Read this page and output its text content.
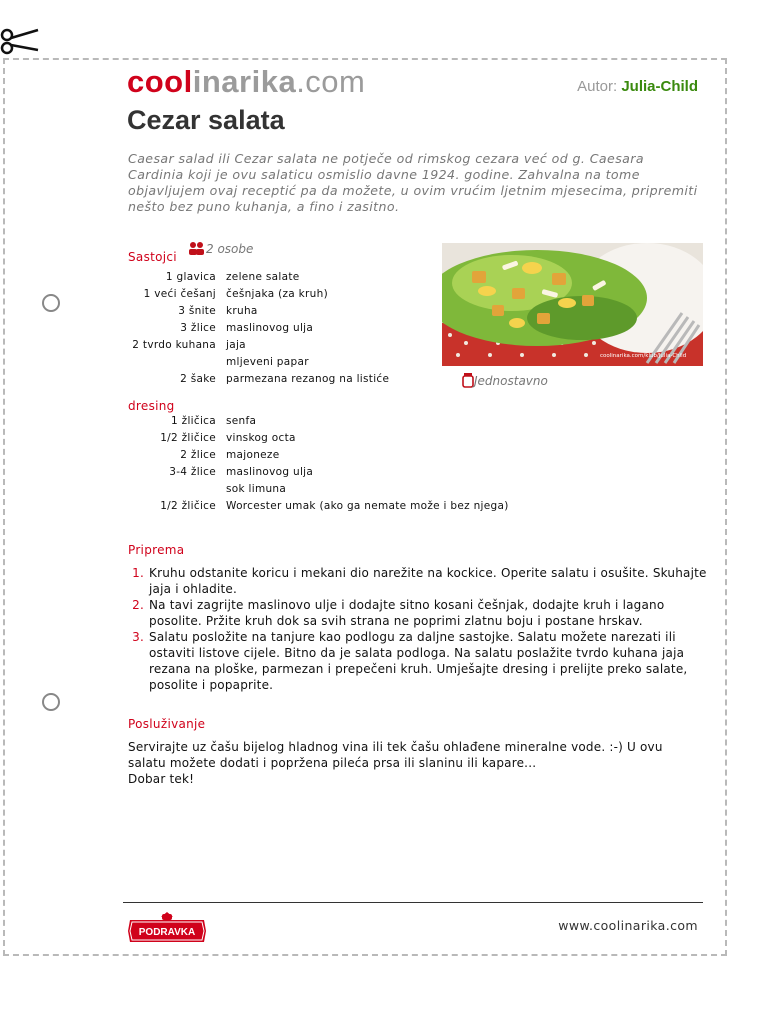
coolinarika.com	Autor: Julia-Child
Cezar salata
Caesar salad ili Cezar salata ne potječe od rimskog cezara već od g. Caesara Cardinia koji je ovu salaticu osmislio davne 1924. godine. Zahvalna na tome objavljujem ovaj receptić pa da možete, u ovim vrućim ljetnim mjesecima, pripremiti nešto bez puno kuhanja, a fino i zasitno.
Sastojci
2 osobe
1 glavica zelene salate
1 veći češanj češnjaka (za kruh)
3 šnite kruha
3 žlice maslinovog ulja
2 tvrdo kuhana jaja
mljeveni papar
2 šake parmezana rezanog na listiće
dresing
1 žličica senfa
1/2 žličice vinskog octa
2 žlice majoneze
3-4 žlice maslinovog ulja
sok limuna
1/2 žličice Worcester umak (ako ga nemate može i bez njega)
coolinarika.com/klub/Julia-Child
Jednostavno
Priprema
1. Kruhu odstanite koricu i mekani dio narežite na kockice. Operite salatu i osušite. Skuhajte jaja i ohladite.
2. Na tavi zagrijte maslinovo ulje i dodajte sitno kosani češnjak, dodajte kruh i lagano posolite. Pržite kruh dok sa svih strana ne poprimi zlatnu boju i postane hrskav.
3. Salatu posložite na tanjure kao podlogu za daljne sastojke. Salatu možete narezati ili ostaviti listove cijele. Bitno da je salata podloga. Na salatu poslažite tvrdo kuhana jaja rezana na ploške, parmezan i prepečeni kruh. Umješajte dresing i prelijte preko salate, posolite i popaprite.
Posluživanje
Servirajte uz čašu bijelog hladnog vina ili tek čašu ohlađene mineralne vode. :-) U ovu salatu možete dodati i popržena pileća prsa ili slaninu ili kapare...
Dobar tek!
PODRAVKA	www.coolinarika.com
